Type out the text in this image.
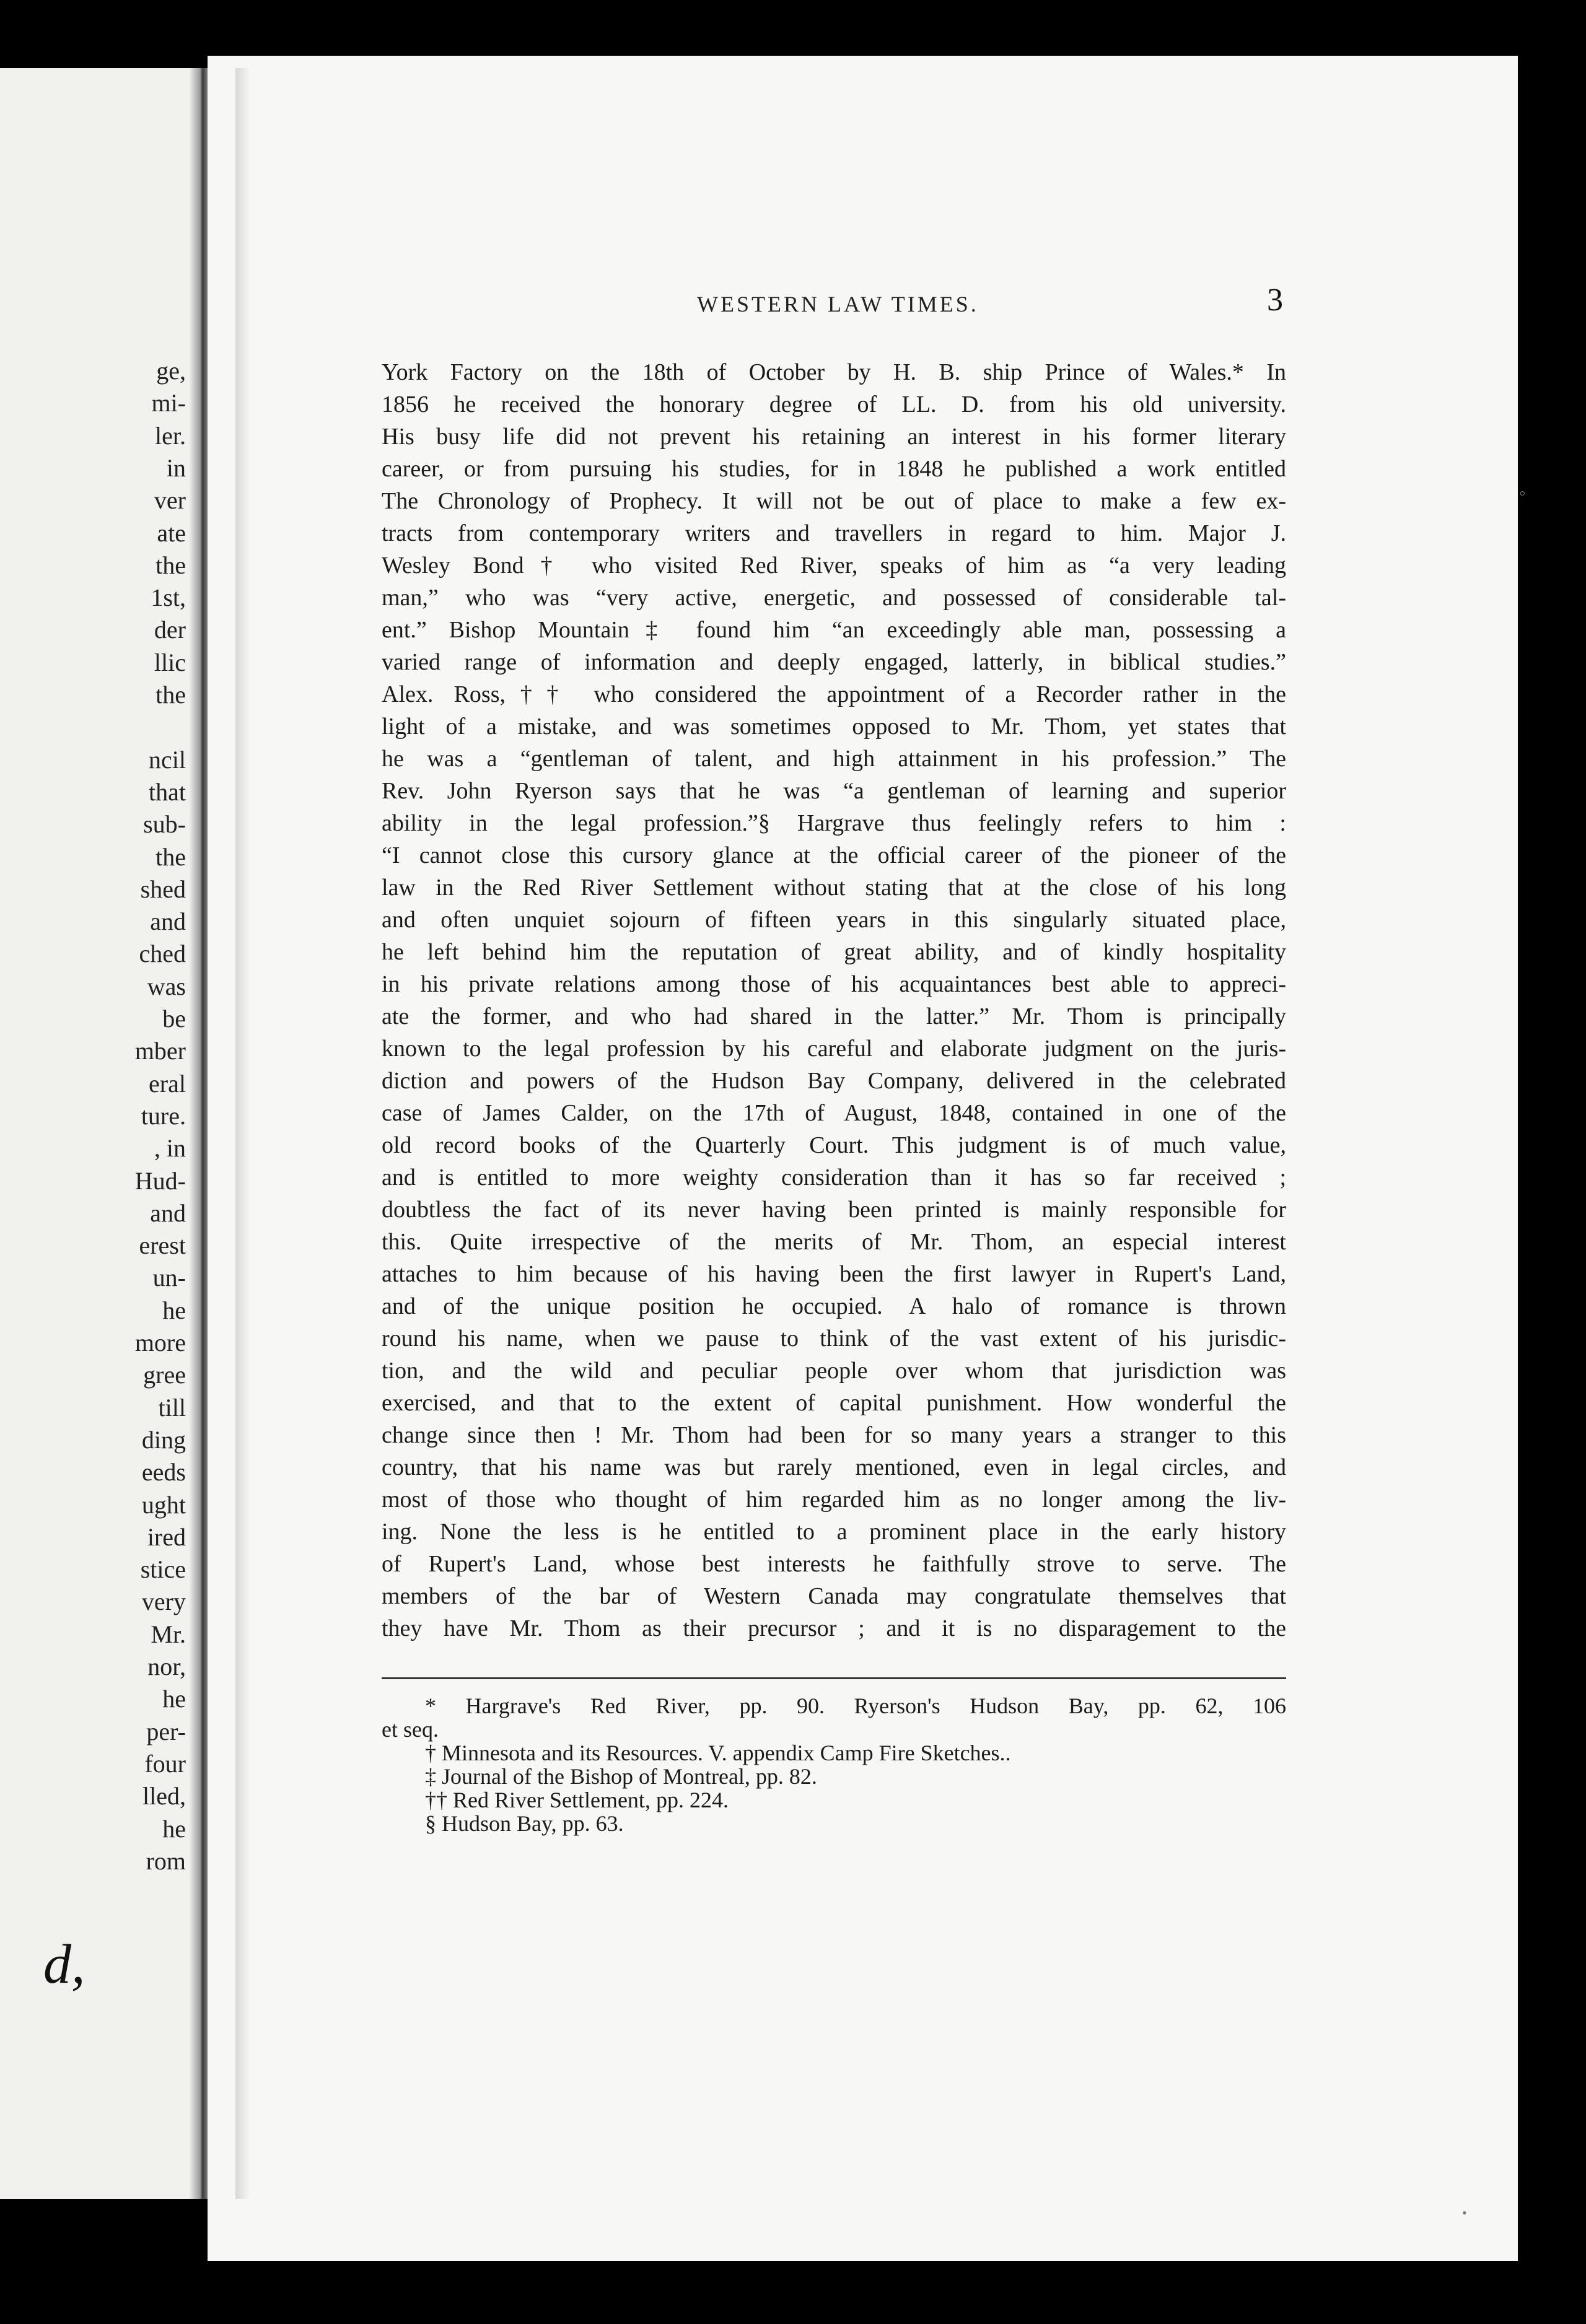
d,
WESTERN LAW TIMES.	3
York Factory on the 18th of October by H. B. ship Prince of Wales.* In
1856 he received the honorary degree of LL. D. from his old university.
His busy life did not prevent his retaining an interest in his former literary
career, or from pursuing his studies, for in 1848 he published a work entitled
The Chronology of Prophecy. It will not be out of place to make a few ex-
tracts from contemporary writers and travellers in regard to him. Major J.
Wesley Bond† who visited Red River, speaks of him as “a very leading
man,” who was “very active, energetic, and possessed of considerable tal-
ent.” Bishop Mountain‡ found him “an exceedingly able man, possessing a
varied range of information and deeply engaged, latterly, in biblical studies.”
Alex. Ross,†† who considered the appointment of a Recorder rather in the
light of a mistake, and was sometimes opposed to Mr. Thom, yet states that
he was a “gentleman of talent, and high attainment in his profession.” The
Rev. John Ryerson says that he was “a gentleman of learning and superior
ability in the legal profession.”§ Hargrave thus feelingly refers to him :
“I cannot close this cursory glance at the official career of the pioneer of the
law in the Red River Settlement without stating that at the close of his long
and often unquiet sojourn of fifteen years in this singularly situated place,
he left behind him the reputation of great ability, and of kindly hospitality
in his private relations among those of his acquaintances best able to appreci-
ate the former, and who had shared in the latter.” Mr. Thom is principally
known to the legal profession by his careful and elaborate judgment on the juris-
diction and powers of the Hudson Bay Company, delivered in the celebrated
case of James Calder, on the 17th of August, 1848, contained in one of the
old record books of the Quarterly Court. This judgment is of much value,
and is entitled to more weighty consideration than it has so far received ;
doubtless the fact of its never having been printed is mainly responsible for
this. Quite irrespective of the merits of Mr. Thom, an especial interest
attaches to him because of his having been the first lawyer in Rupert's Land,
and of the unique position he occupied. A halo of romance is thrown
round his name, when we pause to think of the vast extent of his jurisdic-
tion, and the wild and peculiar people over whom that jurisdiction was
exercised, and that to the extent of capital punishment. How wonderful the
change since then ! Mr. Thom had been for so many years a stranger to this
country, that his name was but rarely mentioned, even in legal circles, and
most of those who thought of him regarded him as no longer among the liv-
ing. None the less is he entitled to a prominent place in the early history
of Rupert's Land, whose best interests he faithfully strove to serve. The
members of the bar of Western Canada may congratulate themselves that
they have Mr. Thom as their precursor ; and it is no disparagement to the
* Hargrave's Red River, pp. 90. Ryerson's Hudson Bay, pp. 62, 106
et seq.
† Minnesota and its Resources. V. appendix Camp Fire Sketches..
‡ Journal of the Bishop of Montreal, pp. 82.
†† Red River Settlement, pp. 224.
§ Hudson Bay, pp. 63.
◦
•
ge,
mi-
ler.
in
ver
ate
the
1st,
der
llic
the
ncil
that
sub-
the
shed
and
ched
was
be
mber
eral
ture.
, in
Hud-
and
erest
un-
he
more
gree
till
ding
eeds
ught
ired
stice
very
Mr.
nor,
he
per-
four
lled,
he
rom
